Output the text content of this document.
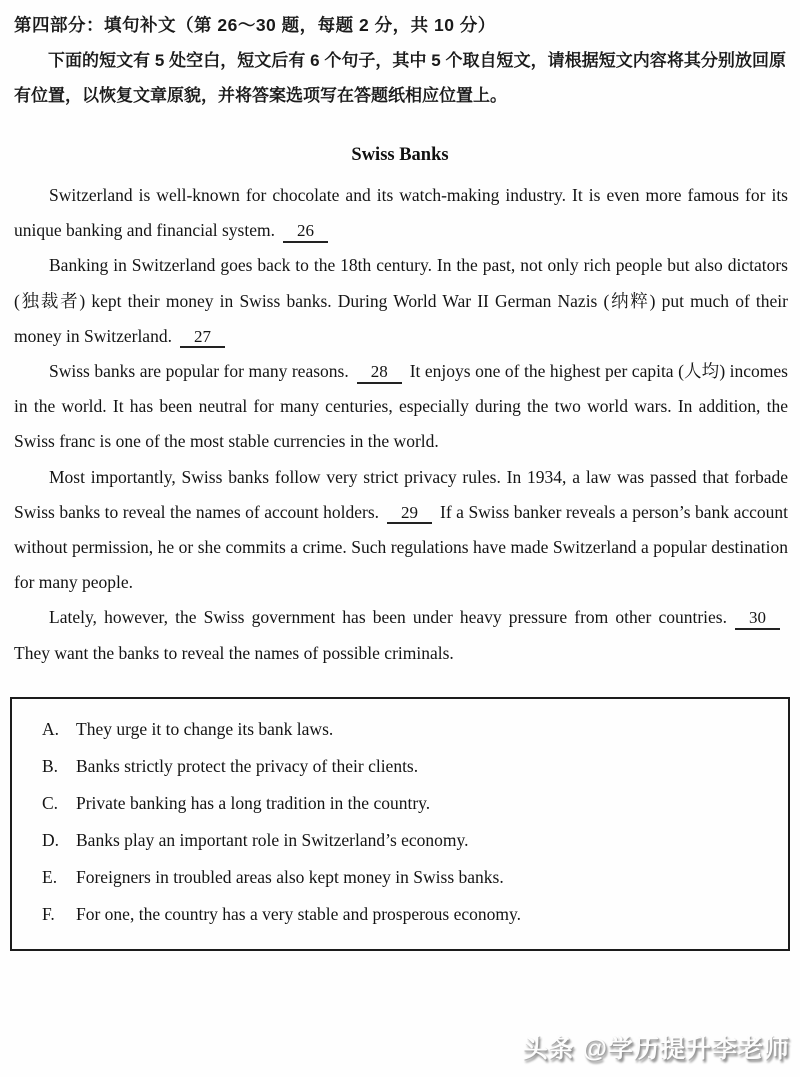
第四部分：填句补文（第 26～30 题，每题 2 分，共 10 分）
下面的短文有 5 处空白，短文后有 6 个句子，其中 5 个取自短文，请根据短文内容将其分别放回原有位置，以恢复文章原貌，并将答案选项写在答题纸相应位置上。
Swiss Banks

Switzerland is well-known for chocolate and its watch-making industry. It is even more famous for its unique banking and financial system. 26

Banking in Switzerland goes back to the 18th century. In the past, not only rich people but also dictators (独裁者) kept their money in Swiss banks. During World War II German Nazis (纳粹) put much of their money in Switzerland. 27

Swiss banks are popular for many reasons. 28 It enjoys one of the highest per capita (人均) incomes in the world. It has been neutral for many centuries, especially during the two world wars. In addition, the Swiss franc is one of the most stable currencies in the world.

Most importantly, Swiss banks follow very strict privacy rules. In 1934, a law was passed that forbade Swiss banks to reveal the names of account holders. 29 If a Swiss banker reveals a person’s bank account without permission, he or she commits a crime. Such regulations have made Switzerland a popular destination for many people.

Lately, however, the Swiss government has been under heavy pressure from other countries. 30They want the banks to reveal the names of possible criminals.

A. They urge it to change its bank laws.
B.	Banks strictly protect the privacy of their clients.
C.	Private banking has a long tradition in the country.
D. Banks play an important role in Switzerland’s economy.
E.	Foreigners in troubled areas also kept money in Swiss banks.
F.	For one, the country has a very stable and prosperous economy.
头条 @学历提升李老师
